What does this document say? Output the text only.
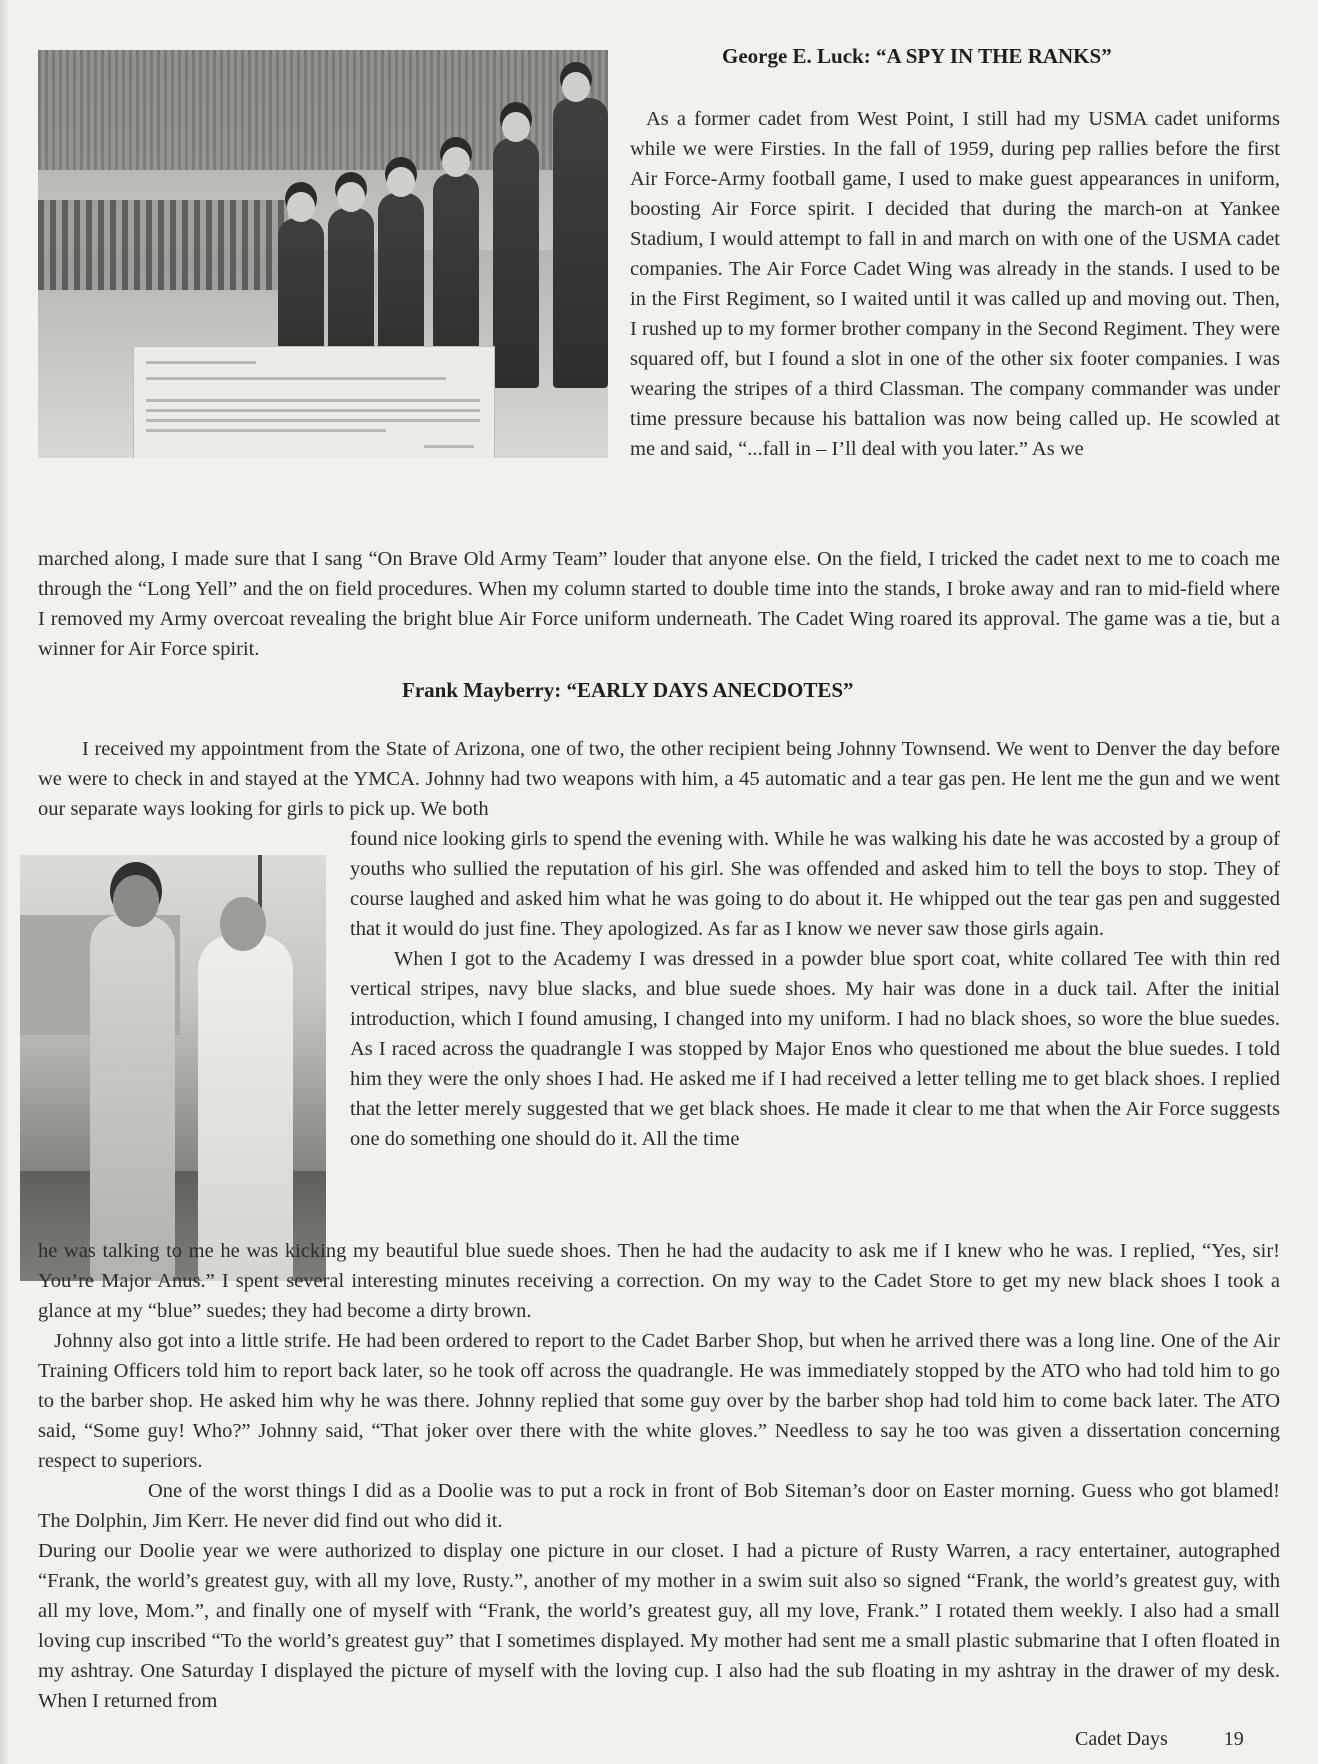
George E. Luck: “A SPY IN THE RANKS”

As a former cadet from West Point, I still had my USMA cadet uniforms while we were Firsties. In the fall of 1959, during pep rallies before the first Air Force-Army football game, I used to make guest appearances in uniform, boosting Air Force spirit. I decided that during the march-on at Yankee Stadium, I would attempt to fall in and march on with one of the USMA cadet companies. The Air Force Cadet Wing was already in the stands. I used to be in the First Regiment, so I waited until it was called up and moving out. Then, I rushed up to my former brother company in the Second Regiment. They were squared off, but I found a slot in one of the other six footer companies. I was wearing the stripes of a third Classman. The company commander was under time pressure because his battalion was now being called up. He scowled at me and said, “...fall in – I’ll deal with you later.” As we

marched along, I made sure that I sang “On Brave Old Army Team” louder that anyone else. On the field, I tricked the cadet next to me to coach me through the “Long Yell” and the on field procedures. When my column started to double time into the stands, I broke away and ran to mid-field where I removed my Army overcoat revealing the bright blue Air Force uniform underneath. The Cadet Wing roared its approval. The game was a tie, but a winner for Air Force spirit.

Frank Mayberry: “EARLY DAYS ANECDOTES”

I received my appointment from the State of Arizona, one of two, the other recipient being Johnny Townsend. We went to Denver the day before we were to check in and stayed at the YMCA. Johnny had two weapons with him, a 45 automatic and a tear gas pen. He lent me the gun and we went our separate ways looking for girls to pick up. We both

found nice looking girls to spend the evening with. While he was walking his date he was accosted by a group of youths who sullied the reputation of his girl. She was offended and asked him to tell the boys to stop. They of course laughed and asked him what he was going to do about it. He whipped out the tear gas pen and suggested that it would do just fine. They apologized. As far as I know we never saw those girls again.

When I got to the Academy I was dressed in a powder blue sport coat, white collared Tee with thin red vertical stripes, navy blue slacks, and blue suede shoes. My hair was done in a duck tail. After the initial introduction, which I found amusing, I changed into my uniform. I had no black shoes, so wore the blue suedes. As I raced across the quadrangle I was stopped by Major Enos who questioned me about the blue suedes. I told him they were the only shoes I had. He asked me if I had received a letter telling me to get black shoes. I replied that the letter merely suggested that we get black shoes. He made it clear to me that when the Air Force suggests one do something one should do it. All the time

he was talking to me he was kicking my beautiful blue suede shoes. Then he had the audacity to ask me if I knew who he was. I replied, “Yes, sir! You’re Major Anus.” I spent several interesting minutes receiving a correction. On my way to the Cadet Store to get my new black shoes I took a glance at my “blue” suedes; they had become a dirty brown.

Johnny also got into a little strife. He had been ordered to report to the Cadet Barber Shop, but when he arrived there was a long line. One of the Air Training Officers told him to report back later, so he took off across the quadrangle. He was immediately stopped by the ATO who had told him to go to the barber shop. He asked him why he was there. Johnny replied that some guy over by the barber shop had told him to come back later. The ATO said, “Some guy! Who?” Johnny said, “That joker over there with the white gloves.” Needless to say he too was given a dissertation concerning respect to superiors.

One of the worst things I did as a Doolie was to put a rock in front of Bob Siteman’s door on Easter morning. Guess who got blamed! The Dolphin, Jim Kerr. He never did find out who did it.

During our Doolie year we were authorized to display one picture in our closet. I had a picture of Rusty Warren, a racy entertainer, autographed “Frank, the world’s greatest guy, with all my love, Rusty.”, another of my mother in a swim suit also so signed “Frank, the world’s greatest guy, with all my love, Mom.”, and finally one of myself with “Frank, the world’s greatest guy, all my love, Frank.” I rotated them weekly. I also had a small loving cup inscribed “To the world’s greatest guy” that I sometimes displayed. My mother had sent me a small plastic submarine that I often floated in my ashtray. One Saturday I displayed the picture of myself with the loving cup. I also had the sub floating in my ashtray in the drawer of my desk. When I returned from

Cadet Days	19
